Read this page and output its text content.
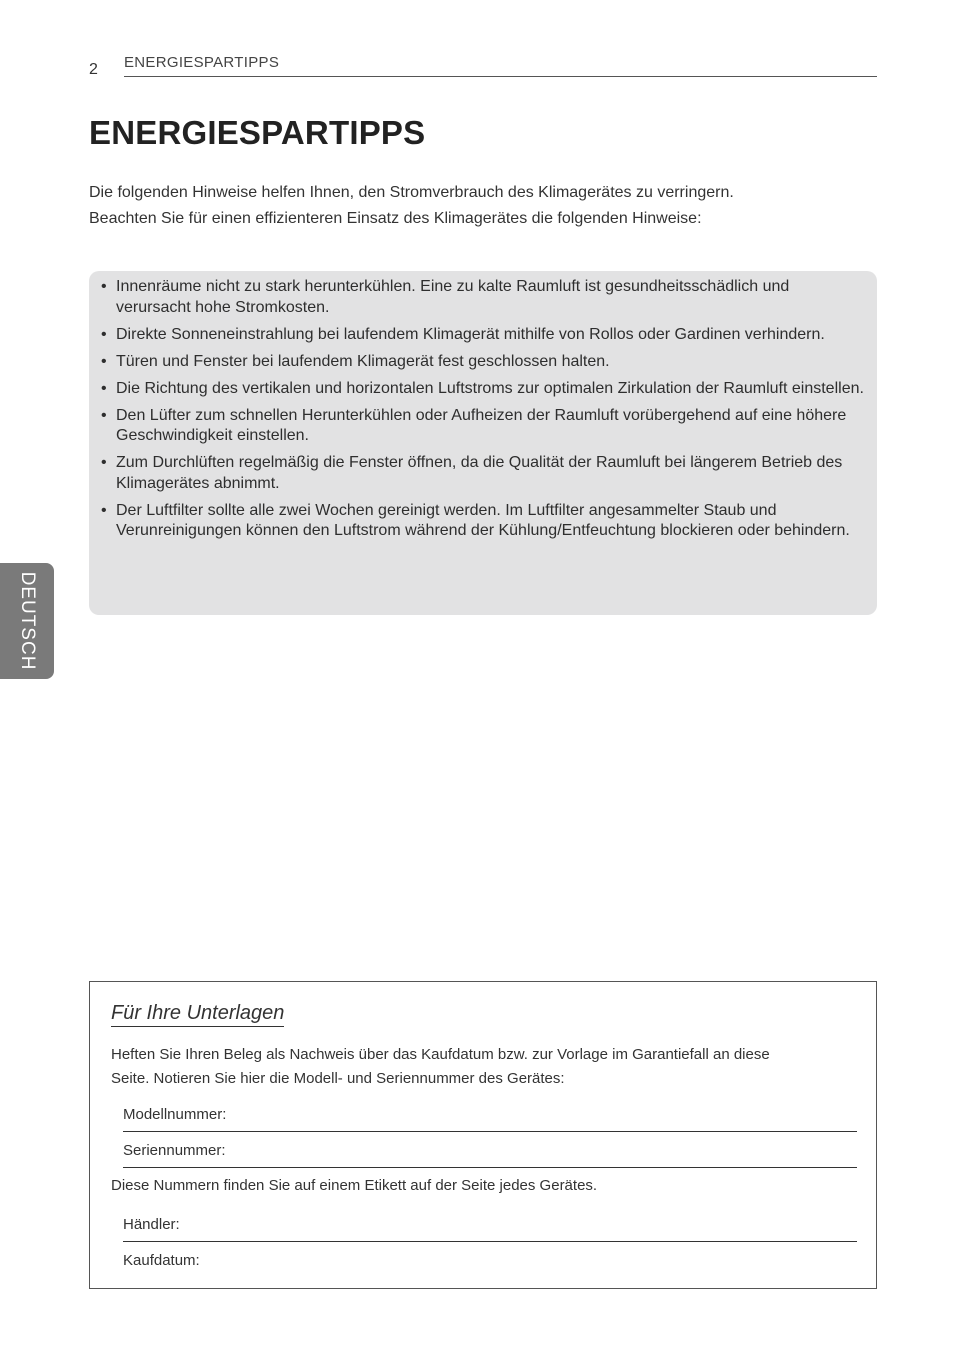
2 ENERGIESPARTIPPS
ENERGIESPARTIPPS

Die folgenden Hinweise helfen Ihnen, den Stromverbrauch des Klimagerätes zu verringern.

Beachten Sie für einen effizienteren Einsatz des Klimagerätes die folgenden Hinweise:

• Innenräume nicht zu stark herunterkühlen. Eine zu kalte Raumluft ist gesundheitsschädlich und verursacht hohe Stromkosten.
• Direkte Sonneneinstrahlung bei laufendem Klimagerät mithilfe von Rollos oder Gardinen verhindern.
• Türen und Fenster bei laufendem Klimagerät fest geschlossen halten.
• Die Richtung des vertikalen und horizontalen Luftstroms zur optimalen Zirkulation der Raumluft einstellen.
• Den Lüfter zum schnellen Herunterkühlen oder Aufheizen der Raumluft vorübergehend auf eine höhere Geschwindigkeit einstellen.
• Zum Durchlüften regelmäßig die Fenster öffnen, da die Qualität der Raumluft bei längerem Betrieb des Klimagerätes abnimmt.
• Der Luftfilter sollte alle zwei Wochen gereinigt werden. Im Luftfilter angesammelter Staub und Verunreinigungen können den Luftstrom während der Kühlung/Entfeuchtung blockieren oder behindern.
DEUTSCH
Für Ihre Unterlagen

Heften Sie Ihren Beleg als Nachweis über das Kaufdatum bzw. zur Vorlage im Garantiefall an diese

Seite. Notieren Sie hier die Modell- und Seriennummer des Gerätes:

Modellnummer:
Seriennummer:
Diese Nummern finden Sie auf einem Etikett auf der Seite jedes Gerätes.
Händler:
Kaufdatum:
